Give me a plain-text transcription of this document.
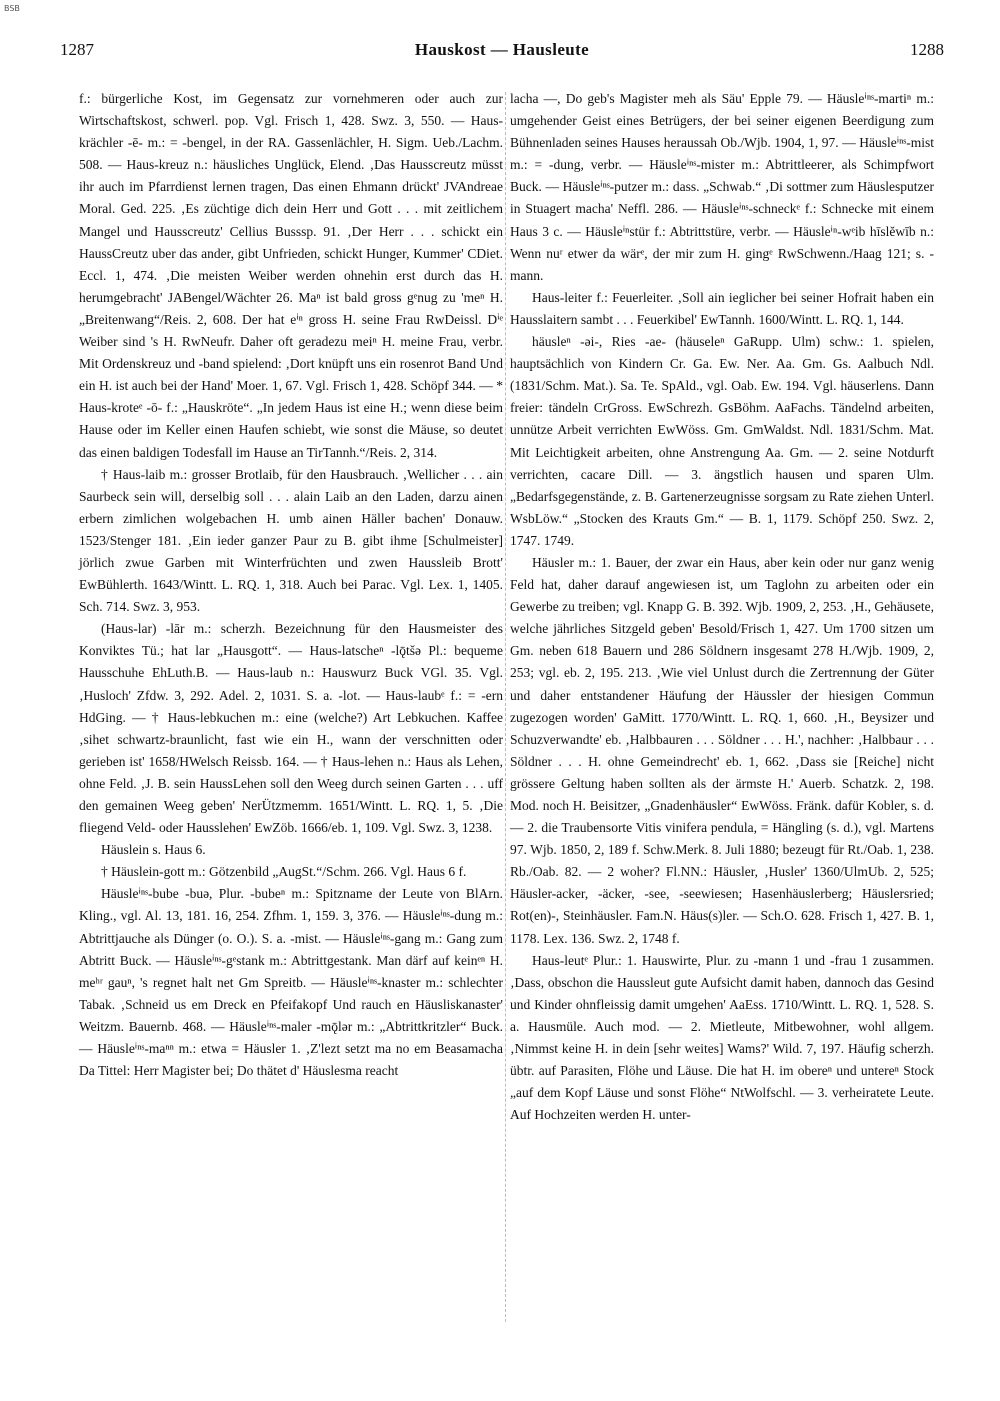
BSB
1287	Hauskost — Hausleute	1288

f.: bürgerliche Kost, im Gegensatz zur vornehmeren oder auch zur Wirtschaftskost, schwerl. pop. Vgl. Frisch 1, 428. Swz. 3, 550. — Haus-krächler -ē- m.: = -bengel, in der RA. Gassenlächler, H. Sigm. Ueb./Lachm. 508. — Haus-kreuz n.: häusliches Unglück, Elend. ‚Das Hausscreutz müsst ihr auch im Pfarrdienst lernen tragen, Das einen Ehmann drückt' JVAndreae Moral. Ged. 225. ‚Es züchtige dich dein Herr und Gott . . . mit zeitlichem Mangel und Hausscreutz' Cellius Busssp. 91. ‚Der Herr . . . schickt ein HaussCreutz uber das ander, gibt Unfrieden, schickt Hunger, Kummer' CDiet. Eccl. 1, 474. ‚Die meisten Weiber werden ohnehin erst durch das H. herumgebracht' JABengel/Wächter 26. Maⁿ ist bald gross gᵉnug zu 'meⁿ H. „Breitenwang“/Reis. 2, 608. Der hat eⁱⁿ gross H. seine Frau RwDeissl. Dⁱᵉ Weiber sind 's H. RwNeufr. Daher oft geradezu meiⁿ H. meine Frau, verbr. Mit Ordenskreuz und -band spielend: ‚Dort knüpft uns ein rosenrot Band Und ein H. ist auch bei der Hand' Moer. 1, 67. Vgl. Frisch 1, 428. Schöpf 344. — * Haus-kroteᵉ -ō- f.: „Hauskröte“. „In jedem Haus ist eine H.; wenn diese beim Hause oder im Keller einen Haufen schiebt, wie sonst die Mäuse, so deutet das einen baldigen Todesfall im Hause an TirTannh.“/Reis. 2, 314.

† Haus-laib m.: grosser Brotlaib, für den Hausbrauch. ‚Wellicher . . . ain Saurbeck sein will, derselbig soll . . . alain Laib an den Laden, darzu ainen erbern zimlichen wolgebachen H. umb ainen Häller bachen' Donauw. 1523/Stenger 181. ‚Ein ieder ganzer Paur zu B. gibt ihme [Schulmeister] jörlich zwue Garben mit Winterfrüchten und zwen Haussleib Brott' EwBühlerth. 1643/Wintt. L. RQ. 1, 318. Auch bei Parac. Vgl. Lex. 1, 1405. Sch. 714. Swz. 3, 953.

(Haus-lar) -lār m.: scherzh. Bezeichnung für den Hausmeister des Konviktes Tü.; hat lar „Hausgott“. — Haus-latscheⁿ -lǭtšə Pl.: bequeme Hausschuhe EhLuth.B. — Haus-laub n.: Hauswurz Buck VGl. 35. Vgl. ‚Husloch' Zfdw. 3, 292. Adel. 2, 1031. S. a. -lot. — Haus-laubᵉ f.: = -ern HdGing. — † Haus-lebkuchen m.: eine (welche?) Art Lebkuchen. Kaffee ‚sihet schwartz-braunlicht, fast wie ein H., wann der verschnitten oder gerieben ist' 1658/HWelsch Reissb. 164. — † Haus-lehen n.: Haus als Lehen, ohne Feld. ‚J. B. sein HaussLehen soll den Weeg durch seinen Garten . . . uff den gemainen Weeg geben' NerÜtzmemm. 1651/Wintt. L. RQ. 1, 5. ‚Die fliegend Veld- oder Hausslehen' EwZöb. 1666/eb. 1, 109. Vgl. Swz. 3, 1238.

Häuslein s. Haus 6.

† Häuslein-gott m.: Götzenbild „AugSt.“/Schm. 266. Vgl. Haus 6 f.

Häusleⁱⁿˢ-bube -buə, Plur. -bubeⁿ m.: Spitzname der Leute von BlArn. Kling., vgl. Al. 13, 181. 16, 254. Zfhm. 1, 159. 3, 376. — Häusleⁱⁿˢ-dung m.: Abtrittjauche als Dünger (o. O.). S. a. -mist. — Häusleⁱⁿˢ-gang m.: Gang zum Abtritt Buck. — Häusleⁱⁿˢ-gᵉstank m.: Abtrittgestank. Man därf auf keinᵉⁿ H. meʰʳ gauⁿ, 's regnet halt net Gm Spreitb. — Häusleⁱⁿˢ-knaster m.: schlechter Tabak. ‚Schneid us em Dreck en Pfeifakopf Und rauch en Häusliskanaster' Weitzm. Bauernb. 468. — Häusleⁱⁿˢ-maler -mǭlər m.: „Abtrittkritzler“ Buck. — Häusleⁱⁿˢ-maⁿⁿ m.: etwa = Häusler 1. ‚Z'lezt setzt ma no em Beasamacha Da Tittel: Herr Magister bei; Do thätet d' Häuslesma reacht

lacha —, Do geb's Magister meh als Säu' Epple 79. — Häusleⁱⁿˢ-martiⁿ m.: umgehender Geist eines Betrügers, der bei seiner eigenen Beerdigung zum Bühnenladen seines Hauses heraussah Ob./Wjb. 1904, 1, 97. — Häusleⁱⁿˢ-mist m.: = -dung, verbr. — Häusleⁱⁿˢ-mister m.: Abtrittleerer, als Schimpfwort Buck. — Häusleⁱⁿˢ-putzer m.: dass. „Schwab.“ ‚Di sottmer zum Häuslesputzer in Stuagert macha' Neffl. 286. — Häusleⁱⁿˢ-schneckᵉ f.: Schnecke mit einem Haus 3 c. — Häusleⁱⁿstür f.: Abtrittstüre, verbr. — Häusleⁱⁿ-wᵉib hīslĕwīb n.: Wenn nuʳ etwer da wärᵉ, der mir zum H. gingᵉ RwSchwenn./Haag 121; s. -mann.

Haus-leiter f.: Feuerleiter. ‚Soll ain ieglicher bei seiner Hofrait haben ein Hausslaitern sambt . . . Feuerkibel' EwTannh. 1600/Wintt. L. RQ. 1, 144.

häusleⁿ -əi-, Ries -ae- (häuseleⁿ GaRupp. Ulm) schw.: 1. spielen, hauptsächlich von Kindern Cr. Ga. Ew. Ner. Aa. Gm. Gs. Aalbuch Ndl. (1831/Schm. Mat.). Sa. Te. SpAld., vgl. Oab. Ew. 194. Vgl. häuserlens. Dann freier: tändeln CrGross. EwSchrezh. GsBöhm. AaFachs. Tändelnd arbeiten, unnütze Arbeit verrichten EwWöss. Gm. GmWaldst. Ndl. 1831/Schm. Mat. Mit Leichtigkeit arbeiten, ohne Anstrengung Aa. Gm. — 2. seine Notdurft verrichten, cacare Dill. — 3. ängstlich hausen und sparen Ulm. „Bedarfsgegenstände, z. B. Gartenerzeugnisse sorgsam zu Rate ziehen Unterl. WsbLöw.“ „Stocken des Krauts Gm.“ — B. 1, 1179. Schöpf 250. Swz. 2, 1747. 1749.

Häusler m.: 1. Bauer, der zwar ein Haus, aber kein oder nur ganz wenig Feld hat, daher darauf angewiesen ist, um Taglohn zu arbeiten oder ein Gewerbe zu treiben; vgl. Knapp G. B. 392. Wjb. 1909, 2, 253. ‚H., Gehäusete, welche jährliches Sitzgeld geben' Besold/Frisch 1, 427. Um 1700 sitzen um Gm. neben 618 Bauern und 286 Söldnern insgesamt 278 H./Wjb. 1909, 2, 253; vgl. eb. 2, 195. 213. ‚Wie viel Unlust durch die Zertrennung der Güter und daher entstandener Häufung der Häussler der hiesigen Commun zugezogen worden' GaMitt. 1770/Wintt. L. RQ. 1, 660. ‚H., Beysizer und Schuzverwandte' eb. ‚Halbbauren . . . Söldner . . . H.', nachher: ‚Halbbaur . . . Söldner . . . H. ohne Gemeindrecht' eb. 1, 662. ‚Dass sie [Reiche] nicht grössere Geltung haben sollten als der ärmste H.' Auerb. Schatzk. 2, 198. Mod. noch H. Beisitzer, „Gnadenhäusler“ EwWöss. Fränk. dafür Kobler, s. d. — 2. die Traubensorte Vitis vinifera pendula, = Hängling (s. d.), vgl. Martens 97. Wjb. 1850, 2, 189 f. Schw.Merk. 8. Juli 1880; bezeugt für Rt./Oab. 1, 238. Rb./Oab. 82. — 2 woher? Fl.NN.: Häusler, ‚Husler' 1360/UlmUb. 2, 525; Häusler-acker, -äcker, -see, -seewiesen; Hasenhäuslerberg; Häuslersried; Rot(en)-, Steinhäusler. Fam.N. Häus(s)ler. — Sch.O. 628. Frisch 1, 427. B. 1, 1178. Lex. 136. Swz. 2, 1748 f.

Haus-leutᵉ Plur.: 1. Hauswirte, Plur. zu -mann 1 und -frau 1 zusammen. ‚Dass, obschon die Haussleut gute Aufsicht damit haben, dannoch das Gesind und Kinder ohnfleissig damit umgehen' AaEss. 1710/Wintt. L. RQ. 1, 528. S. a. Hausmüle. Auch mod. — 2. Mietleute, Mitbewohner, wohl allgem. ‚Nimmst keine H. in dein [sehr weites] Wams?' Wild. 7, 197. Häufig scherzh. übtr. auf Parasiten, Flöhe und Läuse. Die hat H. im obereⁿ und untereⁿ Stock „auf dem Kopf Läuse und sonst Flöhe“ NtWolfschl. — 3. verheiratete Leute. Auf Hochzeiten werden H. unter-
